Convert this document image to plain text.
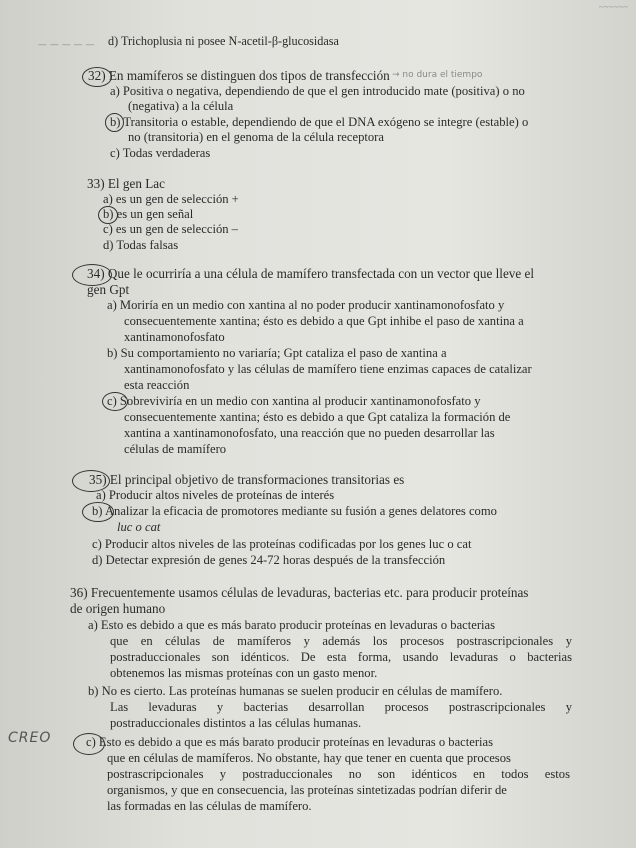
~~~~~~
— — — — — d) Trichoplusia ni posee N-acetil-β-glucosidasa
32) En mamíferos se distinguen dos tipos de transfección → no dura el tiempo
a) Positiva o negativa, dependiendo de que el gen introducido mate (positiva) o no
(negativa) a la célula
b) Transitoria o estable, dependiendo de que el DNA exógeno se integre (estable) o
no (transitoria) en el genoma de la célula receptora
c) Todas verdaderas
33) El gen Lac
a) es un gen de selección +
b) es un gen señal
c) es un gen de selección –
d) Todas falsas
34) Que le ocurriría a una célula de mamífero transfectada con un vector que lleve el
gen Gpt
a) Moriría en un medio con xantina al no poder producir xantinamonofosfato y
consecuentemente xantina; ésto es debido a que Gpt inhibe el paso de xantina a
xantinamonofosfato
b) Su comportamiento no variaría; Gpt cataliza el paso de xantina a
xantinamonofosfato y las células de mamífero tiene enzimas capaces de catalizar
esta reacción
c) Sobreviviría en un medio con xantina al producir xantinamonofosfato y
consecuentemente xantina; ésto es debido a que Gpt cataliza la formación de
xantina a xantinamonofosfato, una reacción que no pueden desarrollar las
células de mamífero
35) El principal objetivo de transformaciones transitorias es
a) Producir altos niveles de proteínas de interés
b) Analizar la eficacia de promotores mediante su fusión a genes delatores como
luc o cat
c) Producir altos niveles de las proteínas codificadas por los genes luc o cat
d) Detectar expresión de genes 24-72 horas después de la transfección
36) Frecuentemente usamos células de levaduras, bacterias etc. para producir proteínas
de origen humano
a) Esto es debido a que es más barato producir proteínas en levaduras o bacterias
que en células de mamíferos y además los procesos postrascripcionales y
postraduccionales son idénticos. De esta forma, usando levaduras o bacterias
obtenemos las mismas proteínas con un gasto menor.
b) No es cierto. Las proteínas humanas se suelen producir en células de mamífero.
Las levaduras y bacterias desarrollan procesos postrascripcionales y
postraduccionales distintos a las células humanas.
CREO	c) Esto es debido a que es más barato producir proteínas en levaduras o bacterias
que en células de mamíferos. No obstante, hay que tener en cuenta que procesos
postrascripcionales y postraduccionales no son idénticos en todos estos
organismos, y que en consecuencia, las proteínas sintetizadas podrían diferir de
las formadas en las células de mamífero.
